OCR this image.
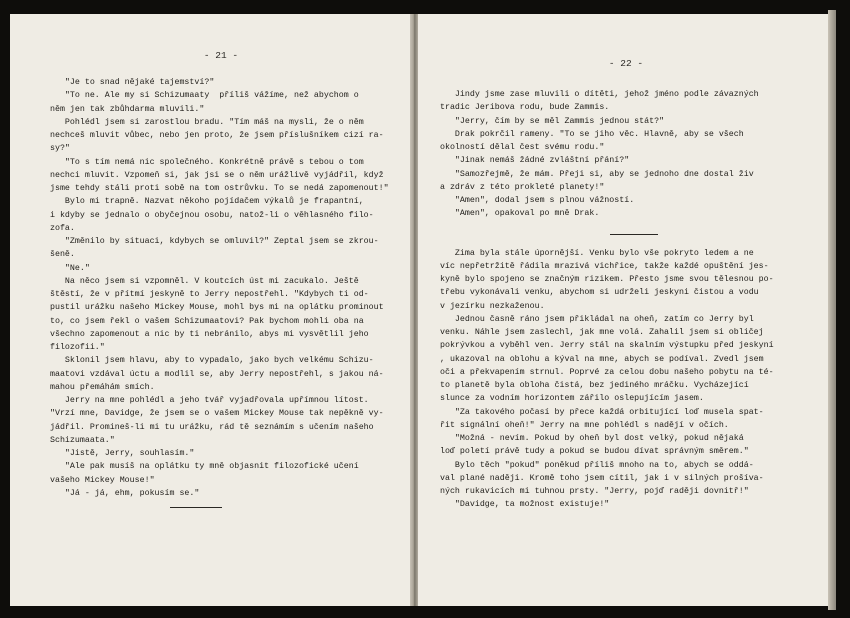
- 21 -
"Je to snad nějaké tajemství?"
"To ne. Ale my si Schizumaaty  příliš vážíme, než abychom o
něm jen tak zbůhdarma mluvili."
Pohlédl jsem si zarostlou bradu. "Tím máš na mysli, že o něm
nechceš mluvit vůbec, nebo jen proto, že jsem příslušníkem cizí ra-
sy?"
"To s tím nemá nic společného. Konkrétně právě s tebou o tom
nechci mluvit. Vzpomeň si, jak jsi se o něm urážlivě vyjádřil, když
jsme tehdy stáli proti sobě na tom ostrůvku. To se nedá zapomenout!"
Bylo mi trapně. Nazvat někoho pojídačem výkalů je frapantní,
i kdyby se jednalo o obyčejnou osobu, natož-li o věhlasného filo-
zofa.
"Změnilo by situaci, kdybych se omluvil?" Zeptal jsem se zkrou-
šeně.
"Ne."
Na něco jsem si vzpomněl. V koutcích úst mi zacukalo. Ještě
štěstí, že v přítmí jeskyně to Jerry nepostřehl. "Kdybych ti od-
pustil urážku našeho Mickey Mouse, mohl bys mi na oplátku prominout
to, co jsem řekl o vašem Schizumaatovi? Pak bychom mohli oba na
všechno zapomenout a nic by ti nebránilo, abys mi vysvětlil jeho
filozofii."
Sklonil jsem hlavu, aby to vypadalo, jako bych velkému Schizu-
maatovi vzdával úctu a modlil se, aby Jerry nepostřehl, s jakou ná-
mahou přemáhám smích.
Jerry na mne pohlédl a jeho tvář vyjadřovala upřímnou lítost.
"Vrzí mne, Davidge, že jsem se o vašem Mickey Mouse tak nepěkně vy-
jádřil. Promineš-li mi tu urážku, rád tě seznámím s učením našeho
Schizumaata."
"Jistě, Jerry, souhlasím."
"Ale pak musíš na oplátku ty mně objasnit filozofické učení
vašeho Mickey Mouse!"
"Já - já, ehm, pokusím se."
- 22 -
Jindy jsme zase mluvili o dítěti, jehož jméno podle závazných
tradic Jeribova rodu, bude Zammis.
"Jerry, čím by se měl Zammis jednou stát?"
Drak pokrčil rameny. "To se jiho věc. Hlavně, aby se všech
okolností dělal čest svému rodu."
"Jinak nemáš žádné zvláštní přání?"
"Samozřejmě, že mám. Přeji si, aby se jednoho dne dostal živ
a zdráv z této prokleté planety!"
"Amen", dodal jsem s plnou vážností.
"Amen", opakoval po mně Drak.
Zima byla stále úpornější. Venku bylo vše pokryto ledem a ne
víc nepřetržitě řádila mrazivá vichřice, takže každé opuštění jes-
kyně bylo spojeno se značným rizikem. Přesto jsme svou tělesnou po-
třebu vykonávali venku, abychom si udrželi jeskyni čistou a vodu
v jezírku nezkaženou.
Jednou časně ráno jsem přikládal na oheň, zatím co Jerry byl
venku. Náhle jsem zaslechl, jak mne volá. Zahalil jsem si obličej
pokrývkou a vyběhl ven. Jerry stál na skalním výstupku před jeskyní
, ukazoval na oblohu a kýval na mne, abych se podíval. Zvedl jsem
oči a překvapením strnul. Poprvé za celou dobu našeho pobytu na té-
to planetě byla obloha čistá, bez jediného mráčku. Vycházející
slunce za vodním horizontem zářilo oslepujícím jasem.
"Za takového počasí by přece každá orbitující loď musela spat-
řit signální oheň!" Jerry na mne pohlédl s nadějí v očích.
"Možná - nevím. Pokud by oheň byl dost velký, pokud nějaká
loď poletí právě tudy a pokud se budou dívat správným směrem."
Bylo těch "pokud" poněkud příliš mnoho na to, abych se oddá-
val plané naději. Kromě toho jsem cítil, jak i v silných prošíva-
ných rukavicích mi tuhnou prsty. "Jerry, pojď raději dovnitř!"
"Davidge, ta možnost existuje!"
